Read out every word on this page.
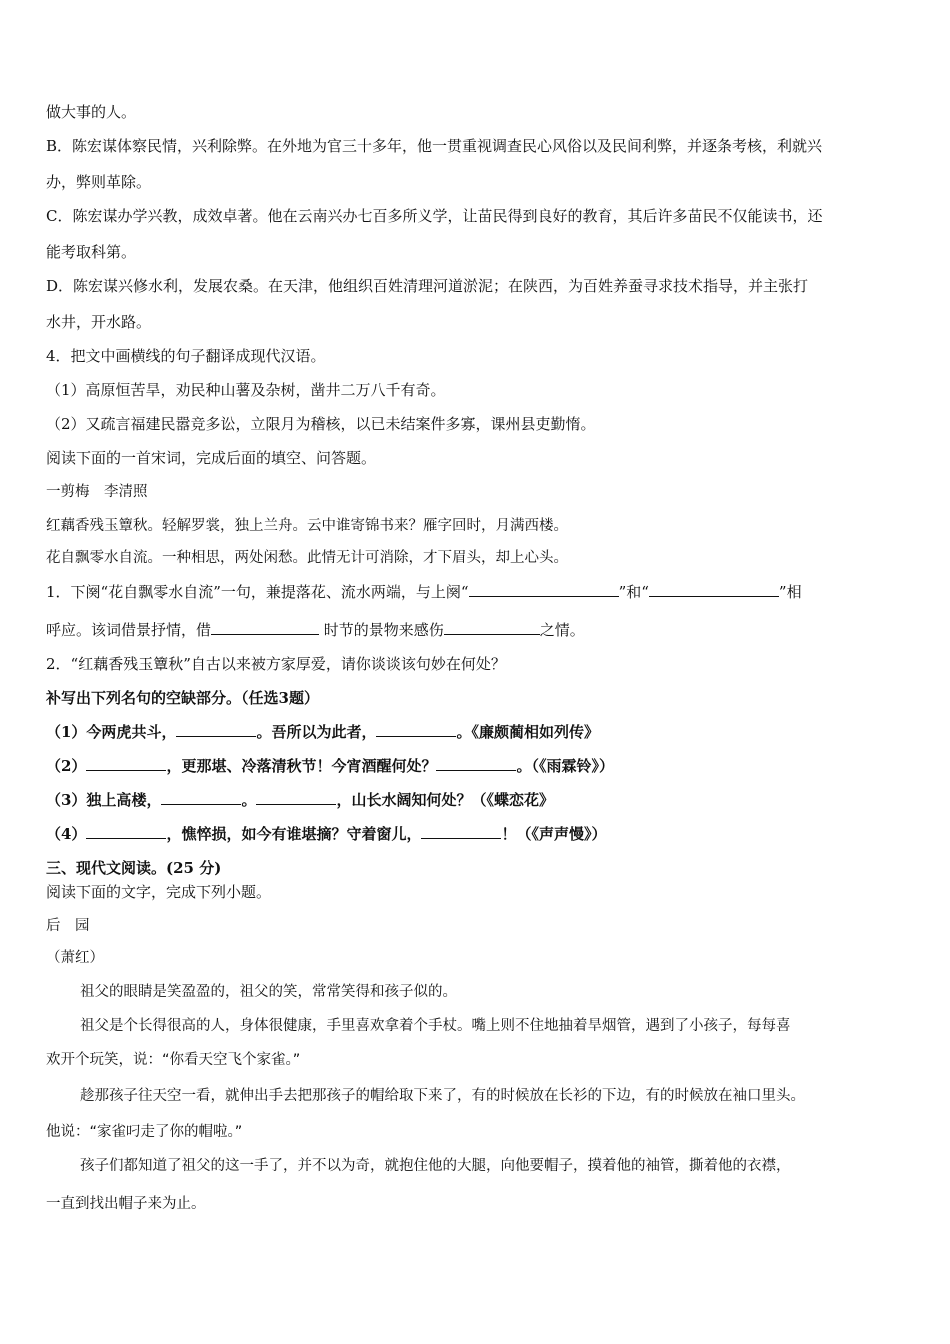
做大事的人。
B．陈宏谋体察民情，兴利除弊。在外地为官三十多年，他一贯重视调查民心风俗以及民间利弊，并逐条考核，利就兴
办，弊则革除。
C．陈宏谋办学兴教，成效卓著。他在云南兴办七百多所义学，让苗民得到良好的教育，其后许多苗民不仅能读书，还
能考取科第。
D．陈宏谋兴修水利，发展农桑。在天津，他组织百姓清理河道淤泥；在陕西，为百姓养蚕寻求技术指导，并主张打
水井，开水路。
4．把文中画横线的句子翻译成现代汉语。
（1）高原恒苦旱，劝民种山薯及杂树，凿井二万八千有奇。
（2）又疏言福建民嚣竞多讼，立限月为稽核，以已未结案件多寡，课州县吏勤惰。
阅读下面的一首宋词，完成后面的填空、问答题。
一剪梅　李清照
红藕香残玉簟秋。轻解罗裳，独上兰舟。云中谁寄锦书来？雁字回时，月满西楼。
花自飘零水自流。一种相思，两处闲愁。此情无计可消除，才下眉头，却上心头。
1．下阕“花自飘零水自流”一句，兼提落花、流水两端，与上阕“	”和“	”相
呼应。该词借景抒情，借	时节的景物来感伤	之情。
2．“红藕香残玉簟秋”自古以来被方家厚爱，请你谈谈该句妙在何处？
补写出下列名句的空缺部分。（任选3题）
（1）今两虎共斗，	。吾所以为此者，	。《廉颇蔺相如列传》
（2）	，更那堪、冷落清秋节！今宵酒醒何处？	。（《雨霖铃》）
（3）独上高楼，	。	，山长水阔知何处？（《蝶恋花》
（4）	，憔悴损，如今有谁堪摘？守着窗儿，	！（《声声慢》）
三、现代文阅读。(25 分)
阅读下面的文字，完成下列小题。
后　园
（萧红）
祖父的眼睛是笑盈盈的，祖父的笑，常常笑得和孩子似的。
祖父是个长得很高的人，身体很健康，手里喜欢拿着个手杖。嘴上则不住地抽着旱烟管，遇到了小孩子，每每喜
欢开个玩笑，说：“你看天空飞个家雀。”
趁那孩子往天空一看，就伸出手去把那孩子的帽给取下来了，有的时候放在长衫的下边，有的时候放在袖口里头。
他说：“家雀叼走了你的帽啦。”
孩子们都知道了祖父的这一手了，并不以为奇，就抱住他的大腿，向他要帽子，摸着他的袖管，撕着他的衣襟，
一直到找出帽子来为止。
